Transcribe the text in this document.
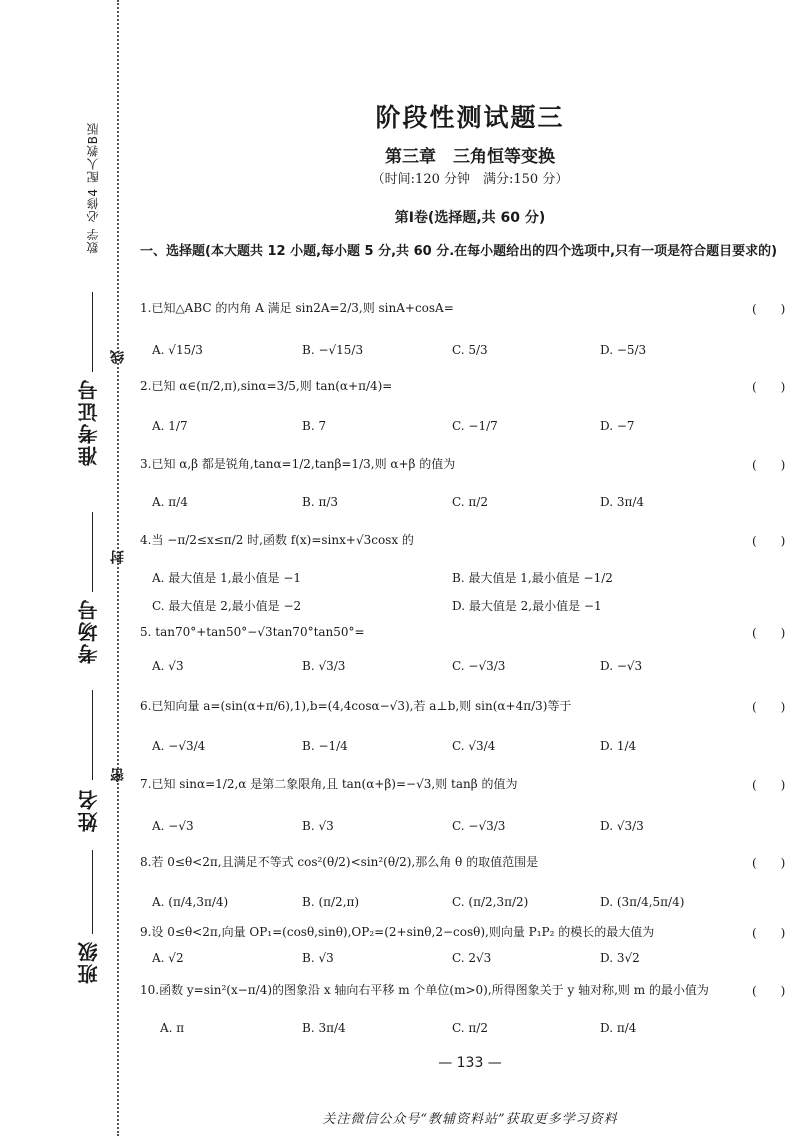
数学 必修4 配人教B版
准考证号
考场号
姓名
班级
线
封
密
阶段性测试题三
第三章　三角恒等变换
（时间:120 分钟　满分:150 分）
第Ⅰ卷(选择题,共 60 分)
一、选择题(本大题共 12 小题,每小题 5 分,共 60 分.在每小题给出的四个选项中,只有一项是符合题目要求的)
1.已知△ABC 的内角 A 满足 sin2A=2/3,则 sinA+cosA=	(　　)
A. √15/3	B. −√15/3	C. 5/3	D. −5/3
2.已知 α∈(π/2,π),sinα=3/5,则 tan(α+π/4)=	(　　)
A. 1/7	B. 7	C. −1/7	D. −7
3.已知 α,β 都是锐角,tanα=1/2,tanβ=1/3,则 α+β 的值为	(　　)
A. π/4	B. π/3	C. π/2	D. 3π/4
4.当 −π/2≤x≤π/2 时,函数 f(x)=sinx+√3cosx 的	(　　)
A. 最大值是 1,最小值是 −1	B. 最大值是 1,最小值是 −1/2
C. 最大值是 2,最小值是 −2	D. 最大值是 2,最小值是 −1
5. tan70°+tan50°−√3tan70°tan50°=	(　　)
A. √3	B. √3/3	C. −√3/3	D. −√3
6.已知向量 a=(sin(α+π/6),1),b=(4,4cosα−√3),若 a⊥b,则 sin(α+4π/3)等于	(　　)
A. −√3/4	B. −1/4	C. √3/4	D. 1/4
7.已知 sinα=1/2,α 是第二象限角,且 tan(α+β)=−√3,则 tanβ 的值为	(　　)
A. −√3	B. √3	C. −√3/3	D. √3/3
8.若 0≤θ<2π,且满足不等式 cos²(θ/2)<sin²(θ/2),那么角 θ 的取值范围是	(　　)
A. (π/4,3π/4)	B. (π/2,π)	C. (π/2,3π/2)	D. (3π/4,5π/4)
9.设 0≤θ<2π,向量 OP₁=(cosθ,sinθ),OP₂=(2+sinθ,2−cosθ),则向量 P₁P₂ 的模长的最大值为	(　　)
A. √2	B. √3	C. 2√3	D. 3√2
10.函数 y=sin²(x−π/4)的图象沿 x 轴向右平移 m 个单位(m>0),所得图象关于 y 轴对称,则 m 的最小值为	(　　)
A. π	B. 3π/4	C. π/2	D. π/4
— 133 —
关注微信公众号“教辅资料站”获取更多学习资料
